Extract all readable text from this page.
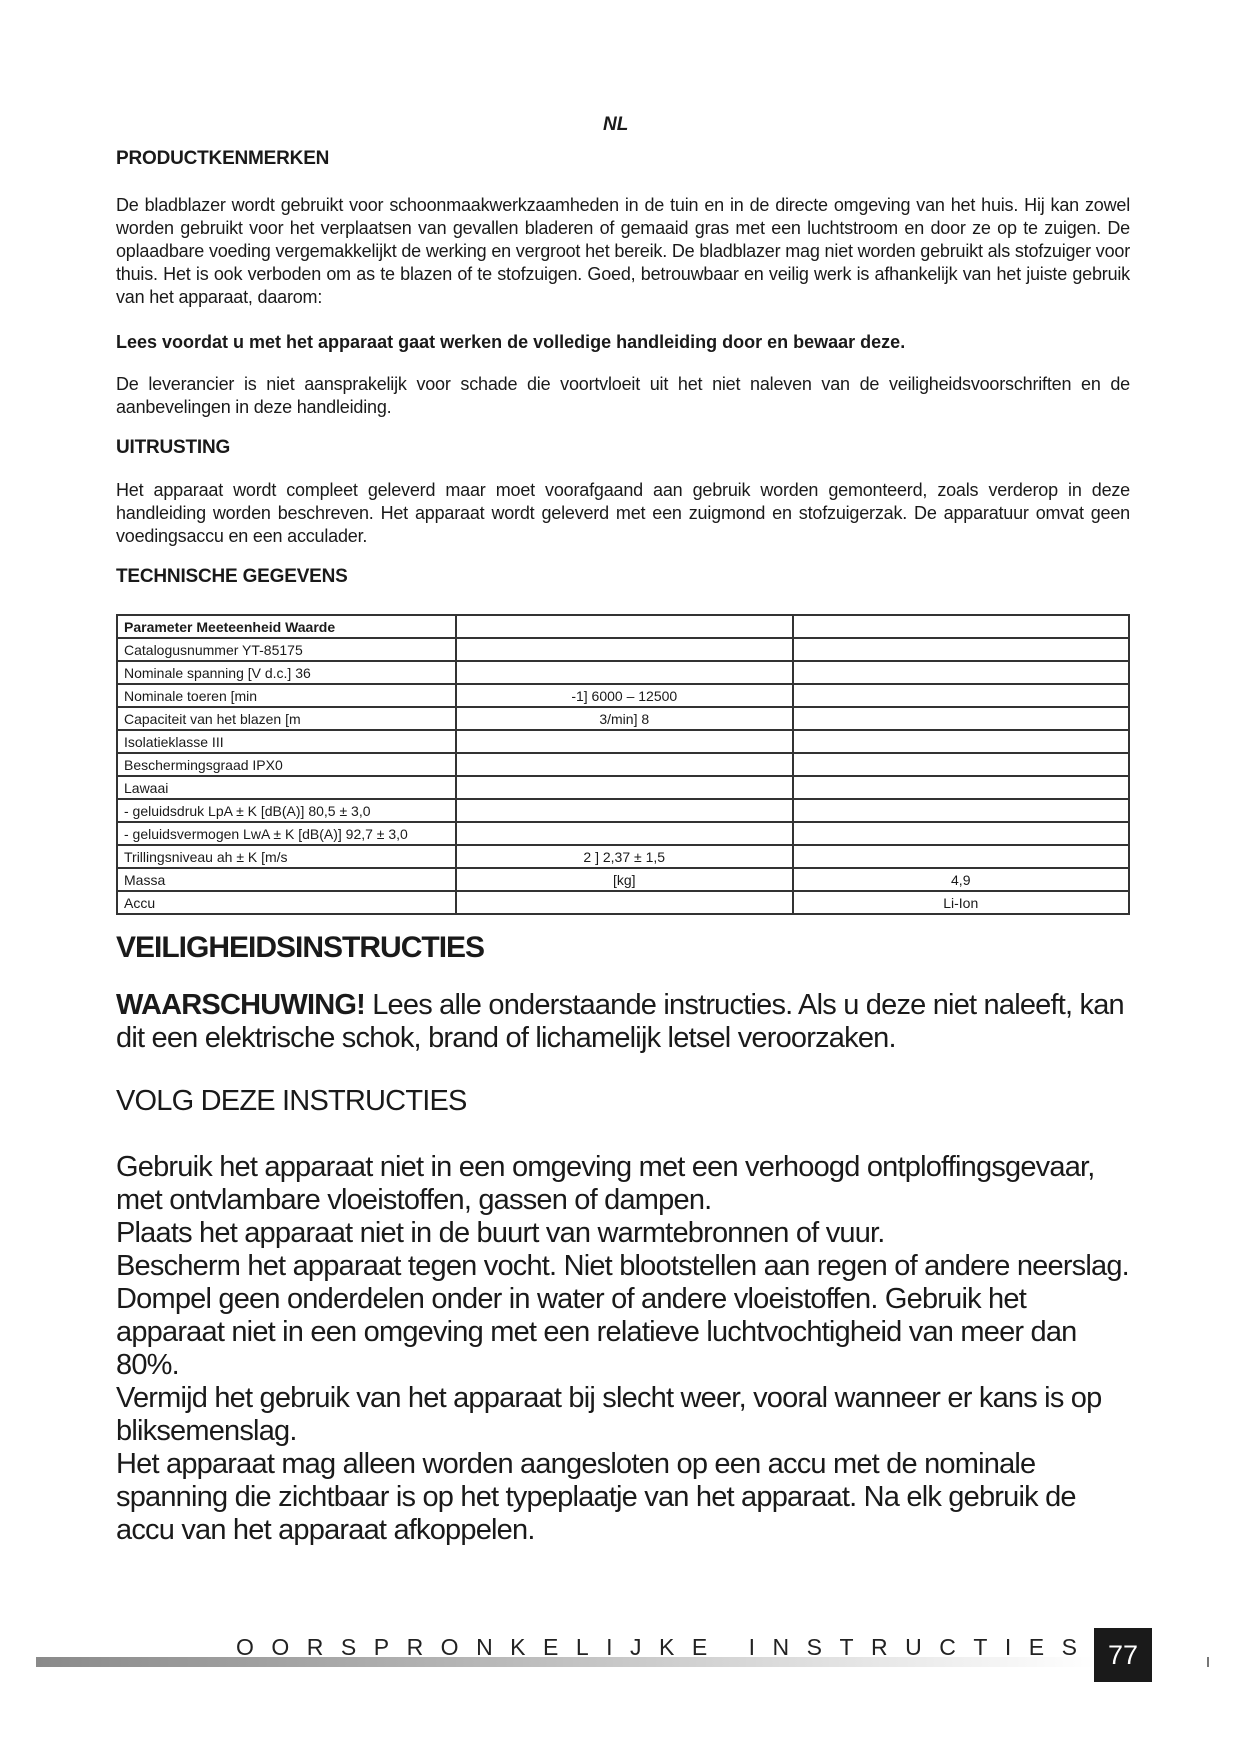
NL
PRODUCTKENMERKEN

De bladblazer wordt gebruikt voor schoonmaakwerkzaamheden in de tuin en in de directe omgeving van het huis. Hij kan zowel worden gebruikt voor het verplaatsen van gevallen bladeren of gemaaid gras met een luchtstroom en door ze op te zuigen. De oplaadbare voeding vergemakkelijkt de werking en vergroot het bereik. De bladblazer mag niet worden gebruikt als stofzuiger voor thuis. Het is ook verboden om as te blazen of te stofzuigen. Goed, betrouwbaar en veilig werk is afhankelijk van het juiste gebruik van het apparaat, daarom:

Lees voordat u met het apparaat gaat werken de volledige handleiding door en bewaar deze.

De leverancier is niet aansprakelijk voor schade die voortvloeit uit het niet naleven van de veiligheidsvoorschriften en de aanbevelingen in deze handleiding.

UITRUSTING

Het apparaat wordt compleet geleverd maar moet voorafgaand aan gebruik worden gemonteerd, zoals verderop in deze handleiding worden beschreven. Het apparaat wordt geleverd met een zuigmond en stofzuigerzak. De apparatuur omvat geen voedingsaccu en een acculader.

TECHNISCHE GEGEVENS
Parameter Meeteenheid Waarde		
Catalogusnummer YT-85175		
Nominale spanning [V d.c.] 36		
Nominale toeren [min	-1] 6000 – 12500	
Capaciteit van het blazen [m	3/min] 8	
Isolatieklasse III		
Beschermingsgraad IPX0		
Lawaai		
- geluidsdruk LpA ± K [dB(A)] 80,5 ± 3,0		
- geluidsvermogen LwA ± K [dB(A)] 92,7 ± 3,0		
Trillingsniveau ah ± K [m/s	2 ] 2,37 ± 1,5	
Massa	[kg]	4,9
Accu		Li-Ion
VEILIGHEIDSINSTRUCTIES

WAARSCHUWING! Lees alle onderstaande instructies. Als u deze niet naleeft, kan dit een elektrische schok, brand of lichamelijk letsel veroorzaken.

VOLG DEZE INSTRUCTIES

Gebruik het apparaat niet in een omgeving met een verhoogd ontploffingsgevaar, met ontvlambare vloeistoffen, gassen of dampen.

Plaats het apparaat niet in de buurt van warmtebronnen of vuur.

Bescherm het apparaat tegen vocht. Niet blootstellen aan regen of andere neerslag. Dompel geen onderdelen onder in water of andere vloeistoffen. Gebruik het apparaat niet in een omgeving met een relatieve luchtvochtigheid van meer dan 80%.

Vermijd het gebruik van het apparaat bij slecht weer, vooral wanneer er kans is op bliksemenslag.

Het apparaat mag alleen worden aangesloten op een accu met de nominale spanning die zichtbaar is op het typeplaatje van het apparaat. Na elk gebruik de accu van het apparaat afkoppelen.

OORSPRONKELIJKE INSTRUCTIES 77
